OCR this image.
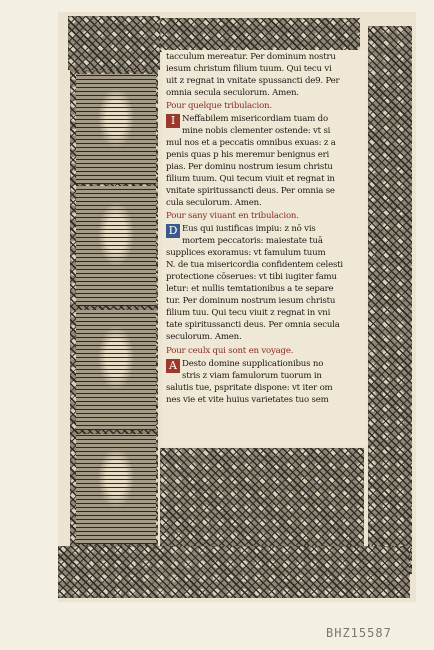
tacculum mereatur. Per dominum nostru
iesum christum filium tuum. Qui tecu vi
uit z regnat in vnitate spussancti de9. Per
omnia secula seculorum. Amen.
Pour quelque tribulacion.
I Neffabilem misericordiam tuam do
mine nobis clementer ostende: vt si
mul nos et a peccatis omnibus exuas: z a
penis quas p his meremur benignus eri
pias. Per dominu nostrum iesum christu
filium tuum. Qui tecum viuit et regnat in
vnitate spiritussancti deus. Per omnia se
cula seculorum. Amen.
Pour sany viuant en tribulacion.
D Eus qui iustificas impiu: z nō vis
mortem peccatoris: maiestate tuā
supplices exoramus: vt famulum tuum
N. de tua misericordia confidentem celesti
protectione cōserues: vt tibi iugiter famu
letur: et nullis temtationibus a te separe
tur. Per dominum nostrum iesum christu
filium tuu. Qui tecu viuit z regnat in vni
tate spiritussancti deus. Per omnia secula
seculorum. Amen.
Pour ceulx qui sont en voyage.
A Desto domine supplicationibus no
stris z viam famulorum tuorum in
salutis tue, pspritate dispone: vt iter om
nes vie et vite huius varietates tuo sem
BHZ15587
